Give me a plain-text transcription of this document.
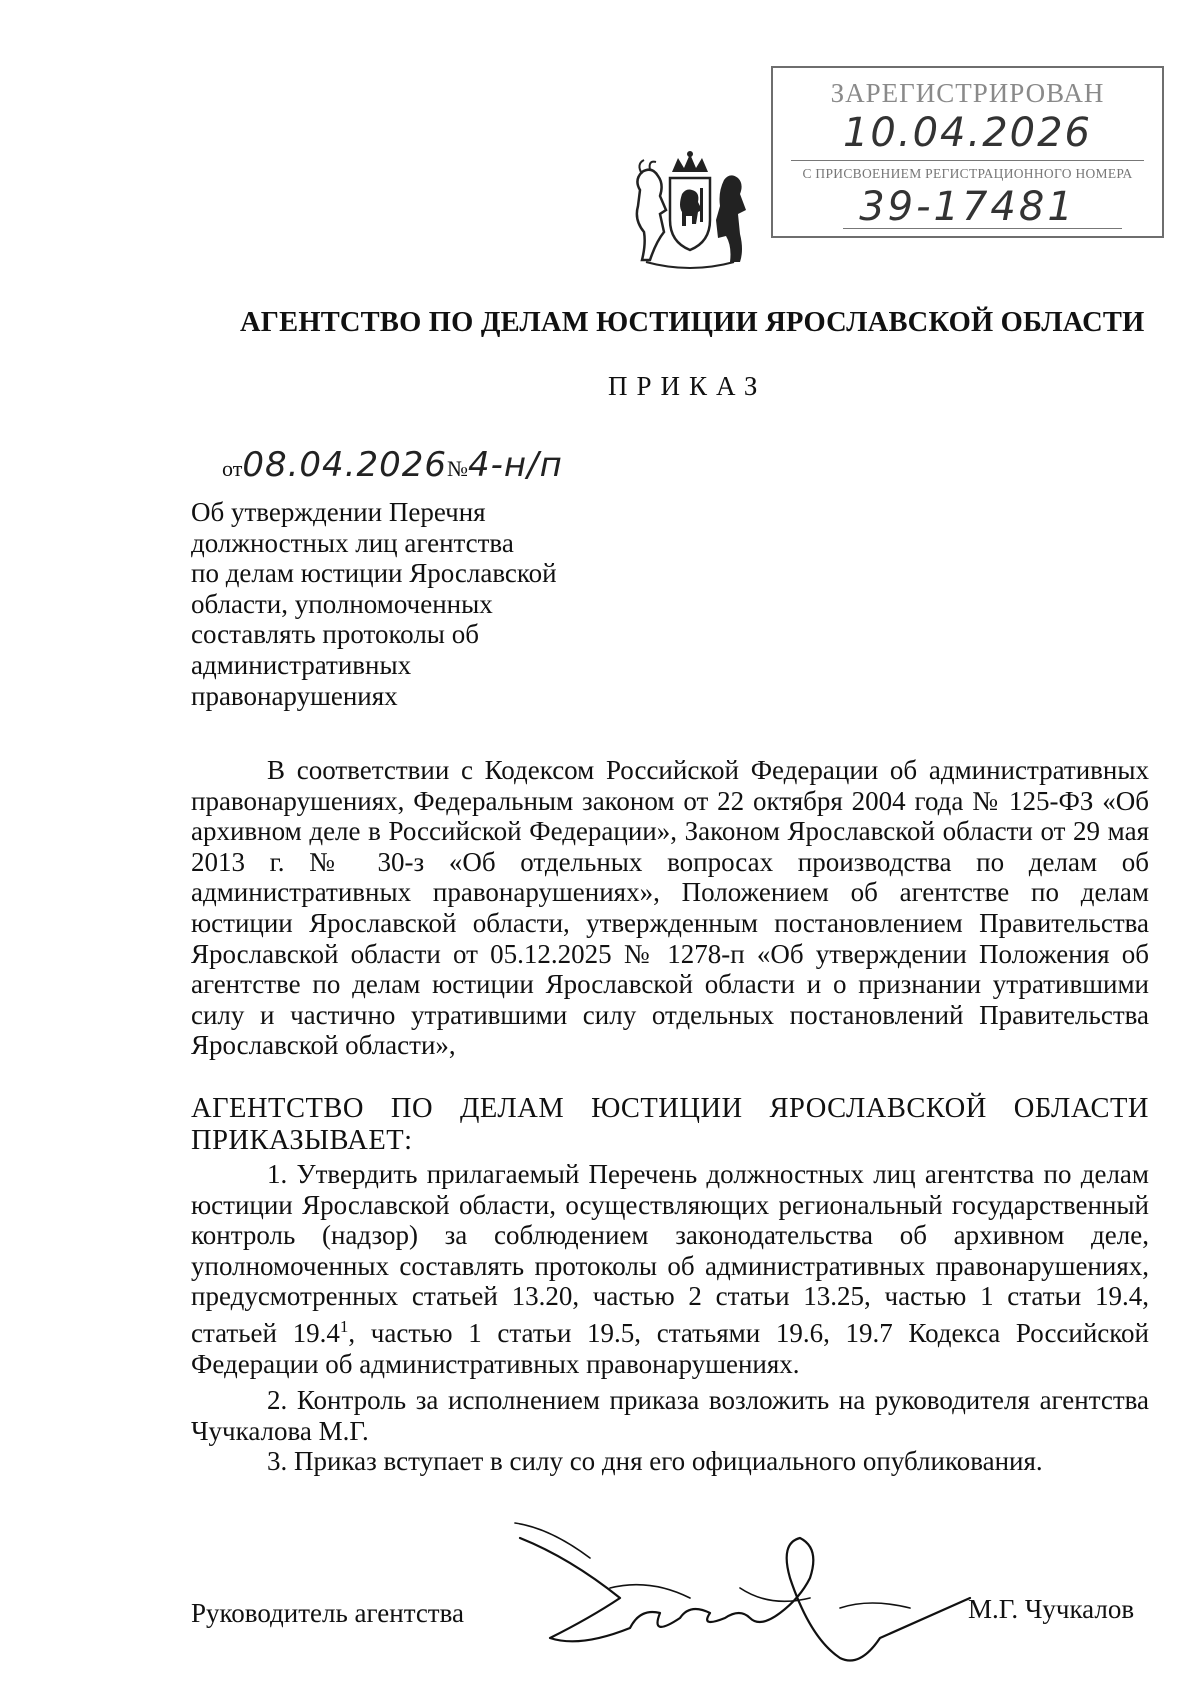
ЗАРЕГИСТРИРОВАН
10.04.2026
С ПРИСВОЕНИЕМ РЕГИСТРАЦИОННОГО НОМЕРА
39-17481
АГЕНТСТВО ПО ДЕЛАМ ЮСТИЦИИ ЯРОСЛАВСКОЙ ОБЛАСТИ
ПРИКАЗ
от08.04.2026№4-н/п
Об утверждении Перечня
должностных лиц агентства
по делам юстиции Ярославской
области, уполномоченных
составлять протоколы об
административных
правонарушениях
В соответствии с Кодексом Российской Федерации об административных правонарушениях, Федеральным законом от 22 октября 2004 года № 125-ФЗ «Об архивном деле в Российской Федерации», Законом Ярославской области от 29 мая 2013 г. № 30-з «Об отдельных вопросах производства по делам об административных правонарушениях», Положением об агентстве по делам юстиции Ярославской области, утвержденным постановлением Правительства Ярославской области от 05.12.2025 № 1278-п «Об утверждении Положения об агентстве по делам юстиции Ярославской области и о признании утратившими силу и частично утратившими силу отдельных постановлений Правительства Ярославской области»,
АГЕНТСТВО ПО ДЕЛАМ ЮСТИЦИИ ЯРОСЛАВСКОЙ ОБЛАСТИ ПРИКАЗЫВАЕТ:
1. Утвердить прилагаемый Перечень должностных лиц агентства по делам юстиции Ярославской области, осуществляющих региональный государственный контроль (надзор) за соблюдением законодательства об архивном деле, уполномоченных составлять протоколы об административных правонарушениях, предусмотренных статьей 13.20, частью 2 статьи 13.25, частью 1 статьи 19.4, статьей 19.4$^1$, частью 1 статьи 19.5, статьями 19.6, 19.7 Кодекса Российской Федерации об административных правонарушениях.
2. Контроль за исполнением приказа возложить на руководителя агентства Чучкалова М.Г.
3. Приказ вступает в силу со дня его официального опубликования.
Руководитель агентства	М.Г. Чучкалов
